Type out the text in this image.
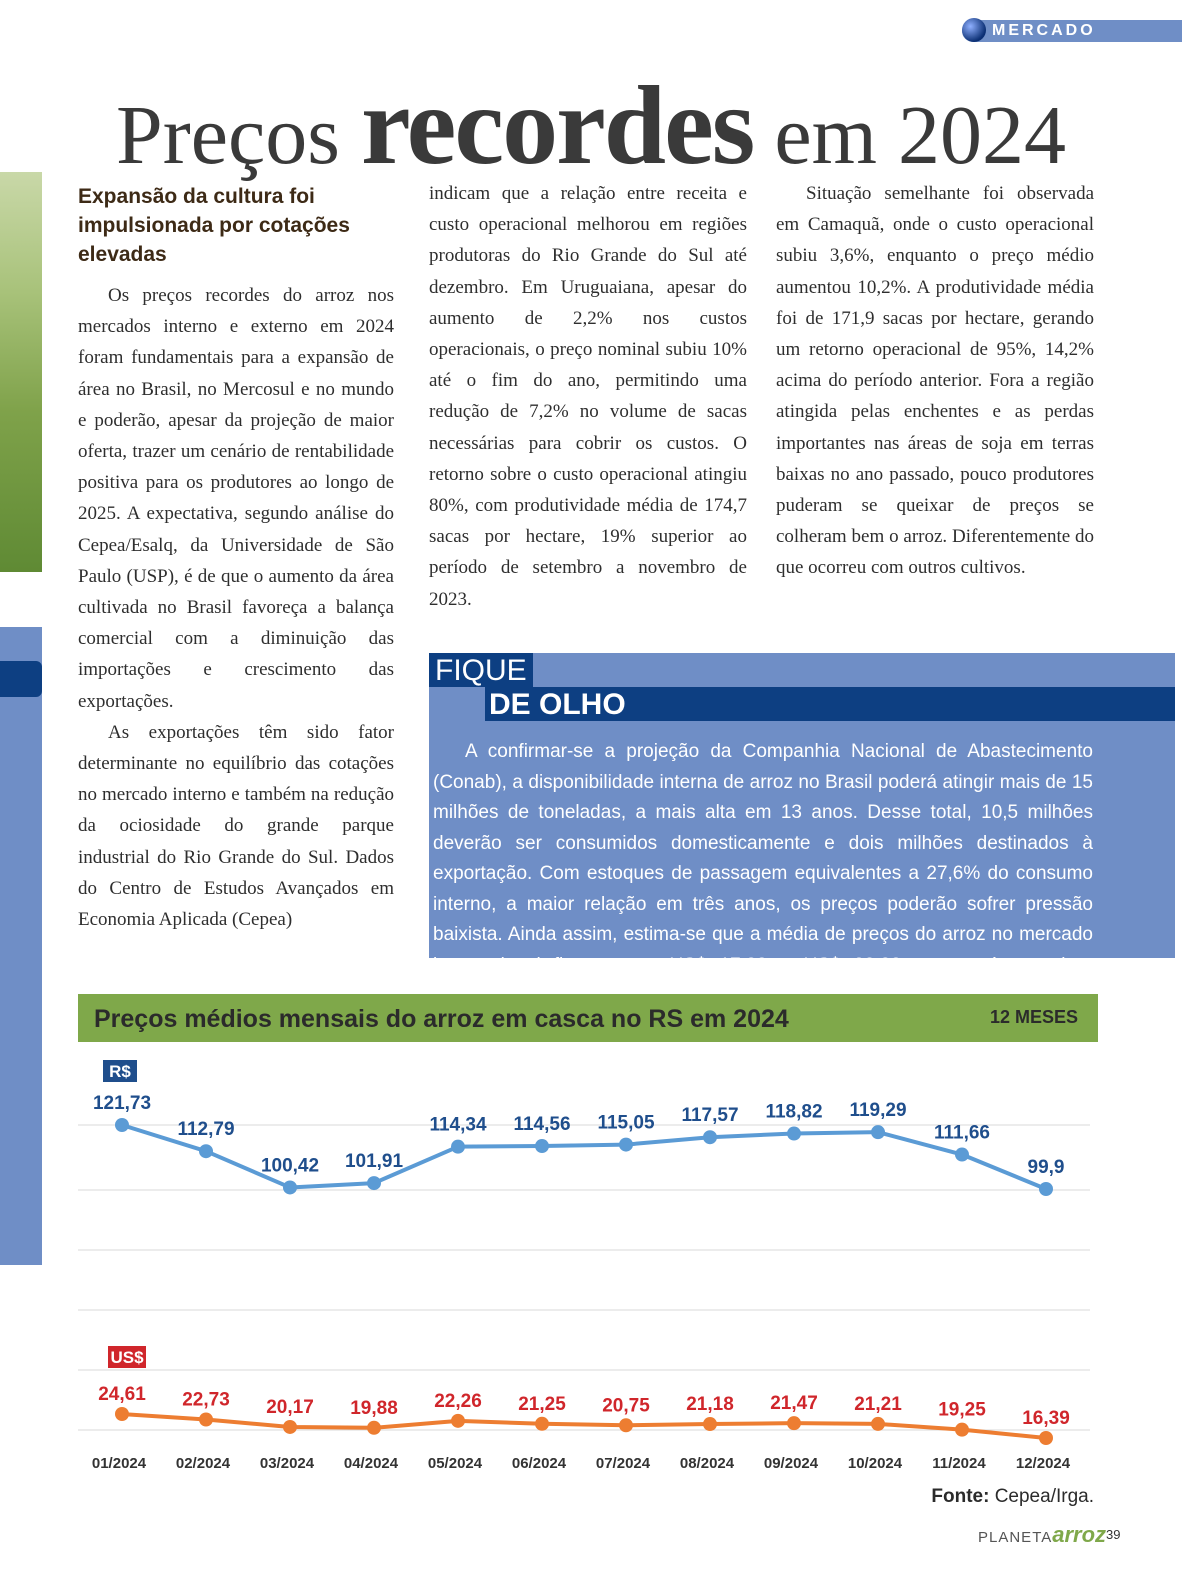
MERCADO
Preços recordes em 2024
Expansão da cultura foi impulsionada por cotações elevadas

Os preços recordes do arroz nos mercados interno e externo em 2024 foram fundamentais para a expansão de área no Brasil, no Mercosul e no mundo e poderão, apesar da projeção de maior oferta, trazer um cenário de rentabilidade positiva para os produtores ao longo de 2025. A expectativa, segundo análise do Cepea/Esalq, da Universidade de São Paulo (USP), é de que o aumento da área cultivada no Brasil favoreça a balança comercial com a diminuição das importações e crescimento das exportações.

As exportações têm sido fator determinante no equilíbrio das cotações no mercado interno e também na redução da ociosidade do grande parque industrial do Rio Grande do Sul. Dados do Centro de Estudos Avançados em Economia Aplicada (Cepea)

indicam que a relação entre receita e custo operacional melhorou em regiões produtoras do Rio Grande do Sul até dezembro. Em Uruguaiana, apesar do aumento de 2,2% nos custos operacionais, o preço nominal subiu 10% até o fim do ano, permitindo uma redução de 7,2% no volume de sacas necessárias para cobrir os custos. O retorno sobre o custo operacional atingiu 80%, com produtividade média de 174,7 sacas por hectare, 19% superior ao período de setembro a novembro de 2023.

Situação semelhante foi observada em Camaquã, onde o custo operacional subiu 3,6%, enquanto o preço médio aumentou 10,2%. A produtividade média foi de 171,9 sacas por hectare, gerando um retorno operacional de 95%, 14,2% acima do período anterior. Fora a região atingida pelas enchentes e as perdas importantes nas áreas de soja em terras baixas no ano passado, pouco produtores puderam se queixar de preços se colheram bem o arroz. Diferentemente do que ocorreu com outros cultivos.

FIQUE
DE OLHO

A confirmar-se a projeção da Companhia Nacional de Abastecimento (Conab), a disponibilidade interna de arroz no Brasil poderá atingir mais de 15 milhões de toneladas, a mais alta em 13 anos. Desse total, 10,5 milhões deverão ser consumidos domesticamente e dois milhões destinados à exportação. Com estoques de passagem equivalentes a 27,6% do consumo interno, a maior relação em três anos, os preços poderão sofrer pressão baixista. Ainda assim, estima-se que a média de preços do arroz no mercado internacional flutue entre US$ 17,00 e US$ 20,00, o que é uma boa

Preços médios mensais do arroz em casca no RS em 2024	12 MESES
121,73
112,79
100,42 101,91
114,34 114,56 115,05 117,57 118,82 119,29
111,66
99,9
R$
24,61 22,73 20,17 19,88 22,26 21,25 20,75 21,18 21,47 21,21 19,25 16,39
US$
01/2024 02/2024 03/2024 04/2024 05/2024 06/2024 07/2024 08/2024 09/2024 10/2024 11/2024 12/2024
Fonte: Cepea/Irga.
PLANETAarroz 39
